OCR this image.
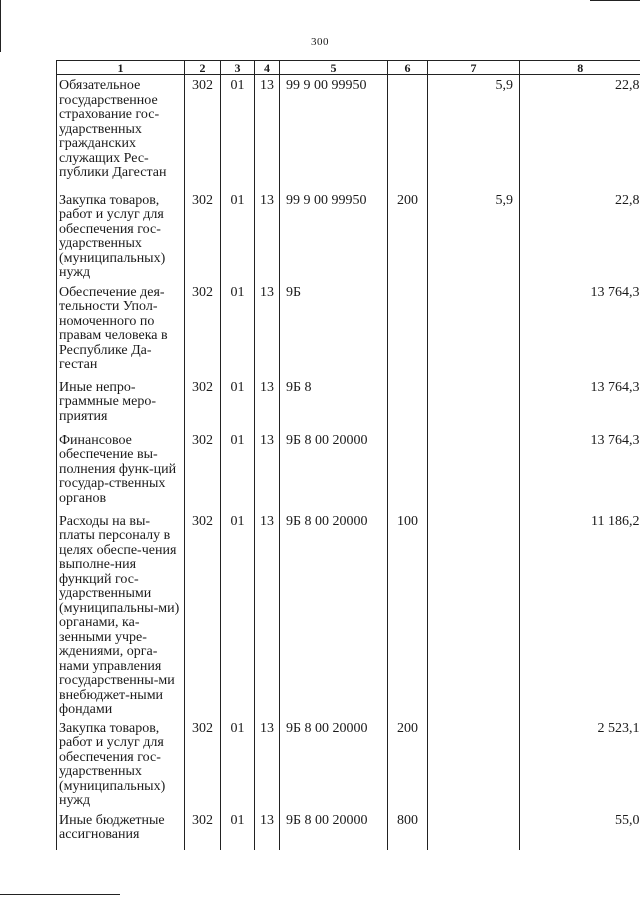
300
1	2	3	4	5	6	7	8
Обязательное государственное страхование гос-ударственных гражданских служащих Рес-публики Дагестан	302	01	13	99 9 00 99950		5,9	22,8
Закупка товаров, работ и услуг для обеспечения гос-ударственных (муниципальных) нужд	302	01	13	99 9 00 99950	200	5,9	22,8
Обеспечение дея-тельности Упол-номоченного по правам человека в Республике Да-гестан	302	01	13	9Б			13 764,3
Иные непро-граммные меро-приятия	302	01	13	9Б 8			13 764,3
Финансовое обеспечение вы-полнения функ-ций государ-ственных органов	302	01	13	9Б 8 00 20000			13 764,3
Расходы на вы-платы персоналу в целях обеспе-чения выполне-ния функций гос-ударственными (муниципальны-ми) органами, ка-зенными учре-ждениями, орга-нами управления государственны-ми внебюджет-ными фондами	302	01	13	9Б 8 00 20000	100		11 186,2
Закупка товаров, работ и услуг для обеспечения гос-ударственных (муниципальных) нужд	302	01	13	9Б 8 00 20000	200		2 523,1
Иные бюджетные ассигнования	302	01	13	9Б 8 00 20000	800		55,0
